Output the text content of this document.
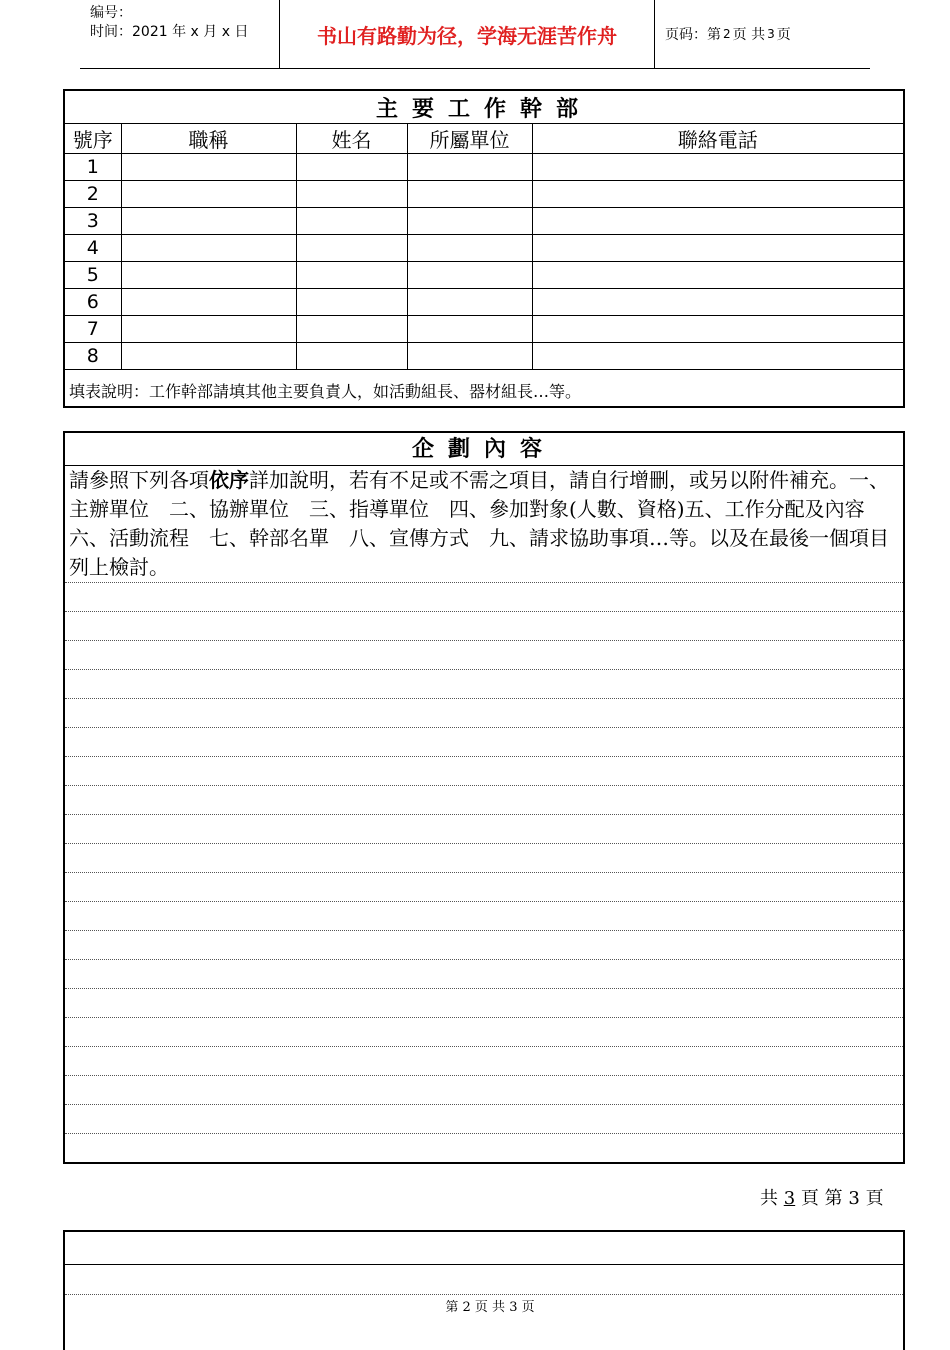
编号：
时间：2021 年 x 月 x 日	书山有路勤为径，学海无涯苦作舟	页码：第 2 页 共 3 页
主要工作幹部				
號序	職稱	姓名	所屬單位	聯絡電話
1				
2				
3				
4				
5				
6				
7				
8				
填表說明：工作幹部請填其他主要負責人，如活動組長、器材組長…等。				
企劃內容
請參照下列各項依序詳加說明，若有不足或不需之項目，請自行增刪，或另以附件補充。一、主辦單位　二、協辦單位　三、指導單位　四、參加對象(人數、資格)五、工作分配及內容　六、活動流程　七、幹部名單　八、宣傳方式　九、請求協助事項…等。以及在最後一個項目列上檢討。
共 3 頁 第 3 頁
第 2 页 共 3 页
